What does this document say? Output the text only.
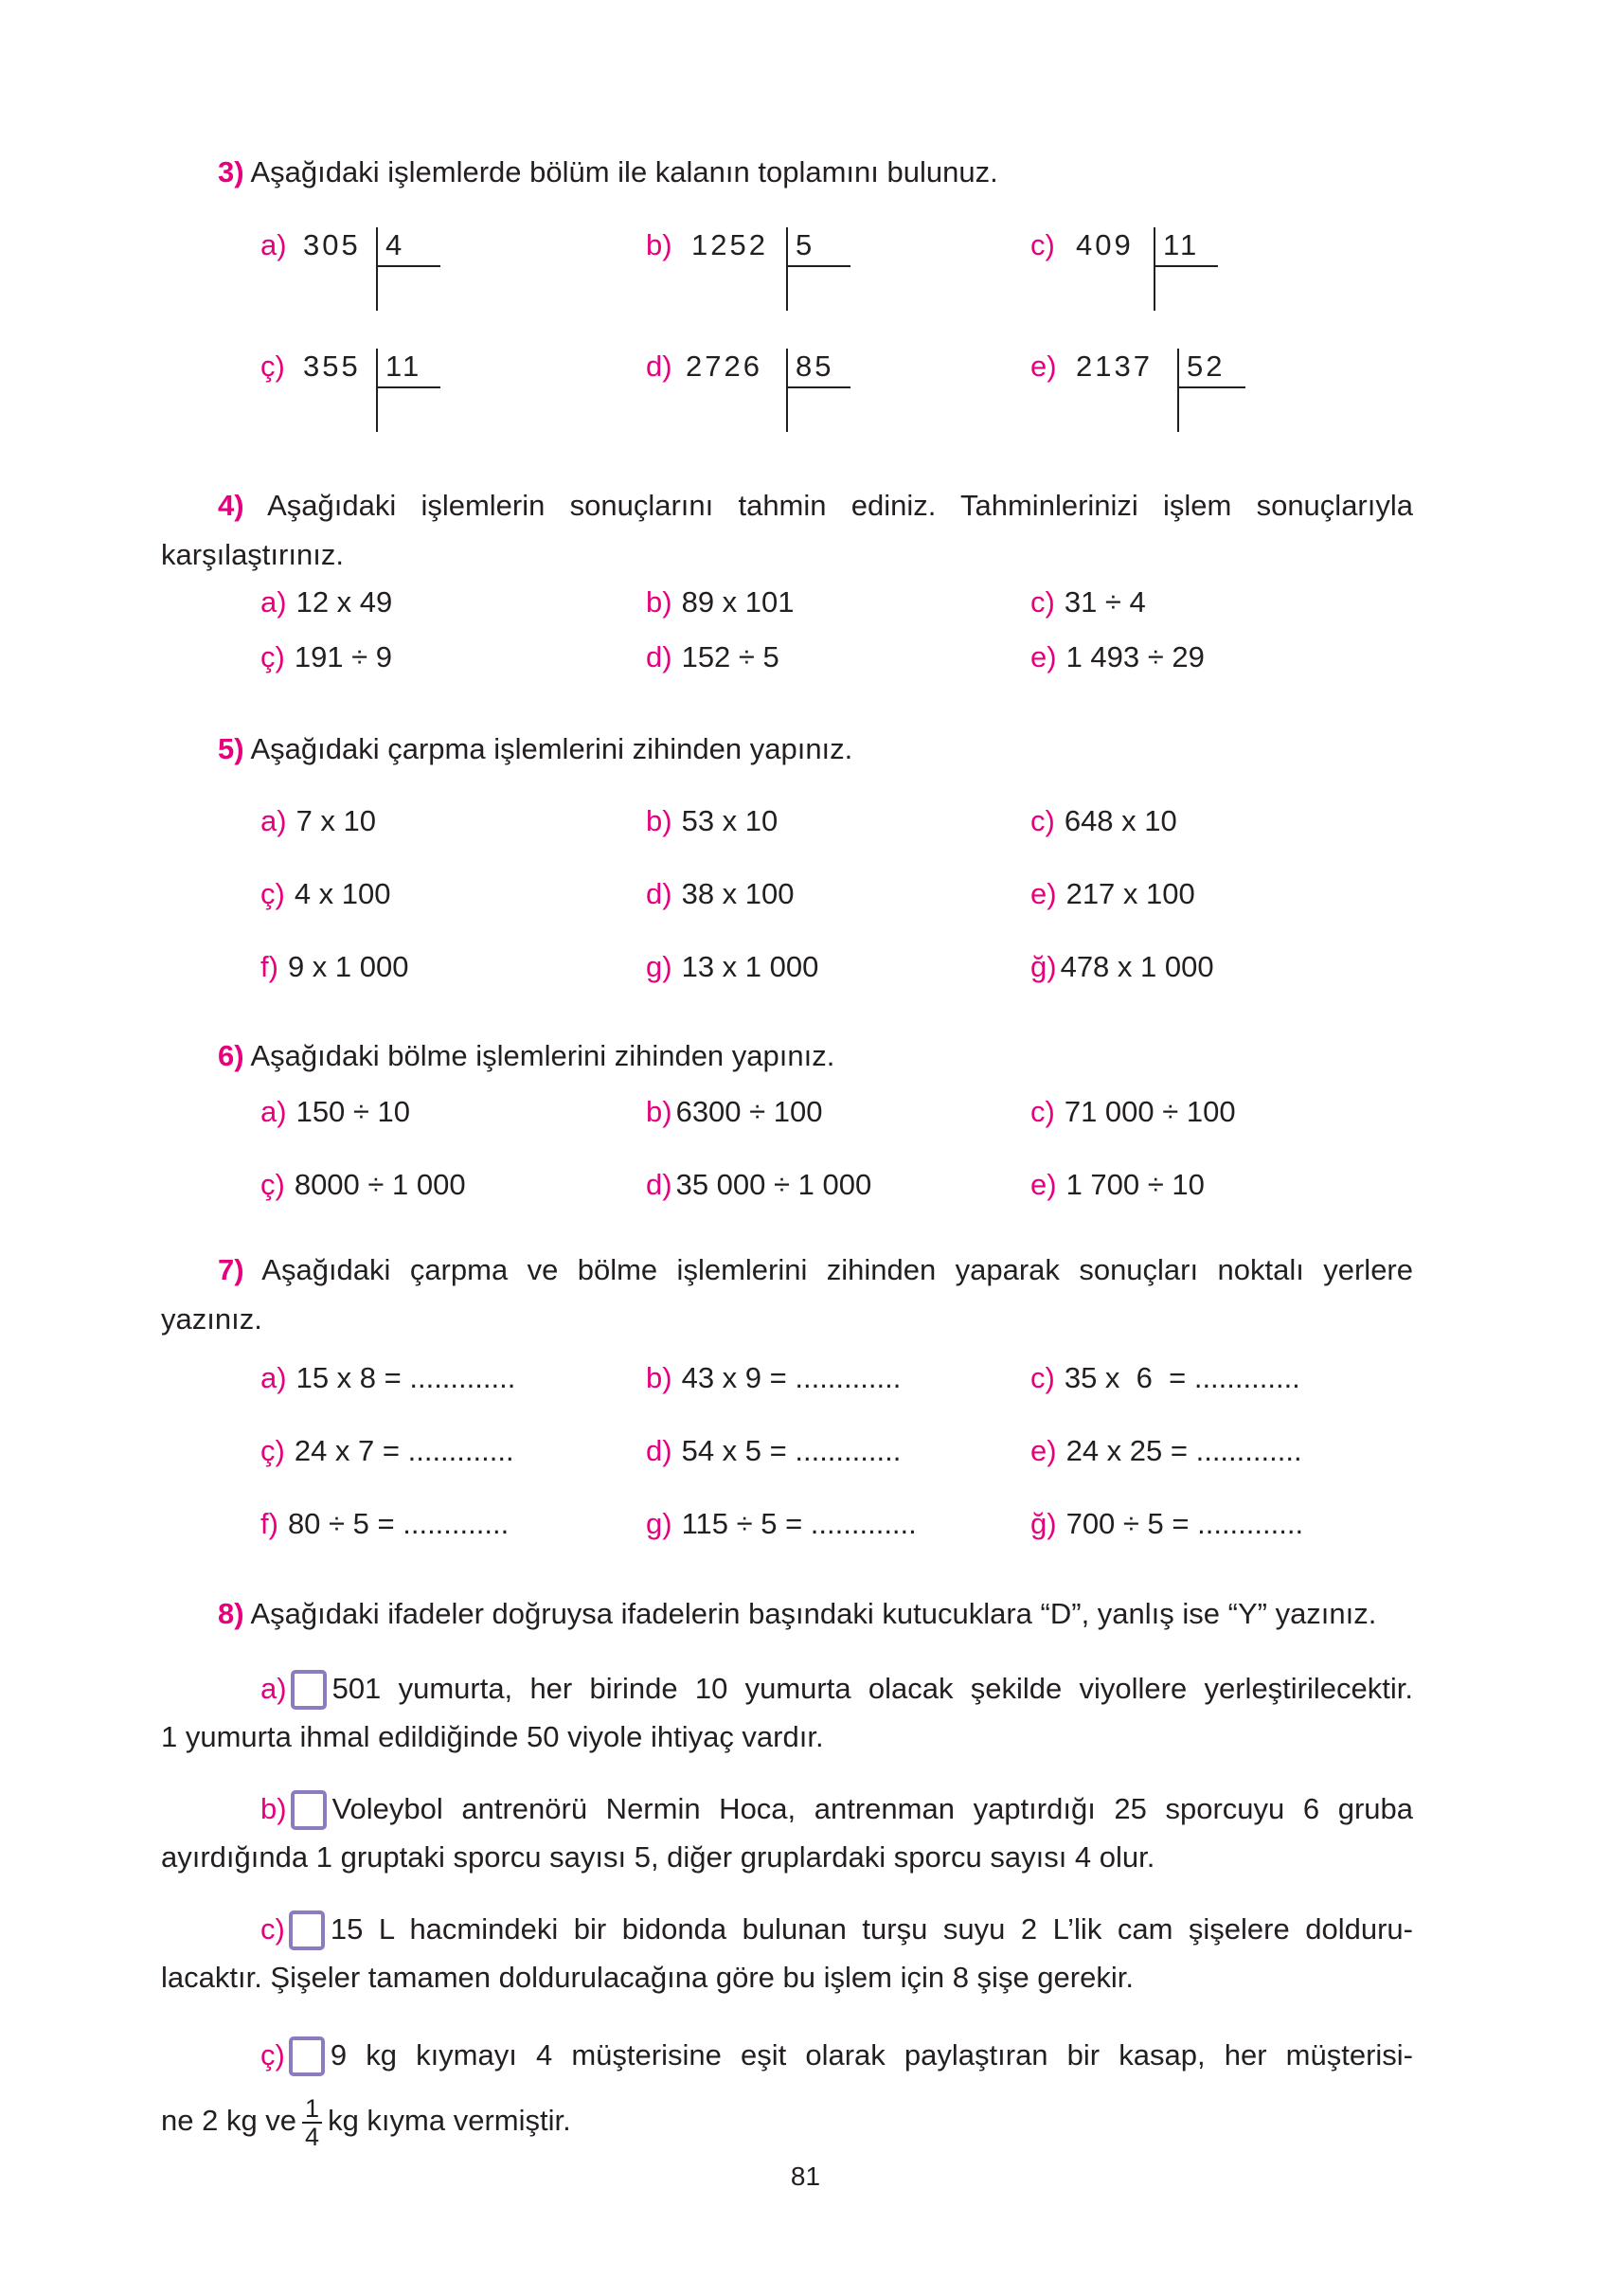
3) Aşağıdaki işlemlerde bölüm ile kalanın toplamını bulunuz.
a) 305 4	b) 1252 5	c) 409 11
ç) 355 11	d) 2726 85	e) 2137 52
4) Aşağıdaki işlemlerin sonuçlarını tahmin ediniz. Tahminlerinizi işlem sonuçlarıyla
karşılaştırınız.
a) 12 x 49	b) 89 x 101	c) 31 ÷ 4
ç) 191 ÷ 9	d) 152 ÷ 5	e) 1 493 ÷ 29
5) Aşağıdaki çarpma işlemlerini zihinden yapınız.
a) 7 x 10	b) 53 x 10	c) 648 x 10
ç) 4 x 100	d) 38 x 100	e) 217 x 100
f) 9 x 1 000	g) 13 x 1 000	ğ) 478 x 1 000
6) Aşağıdaki bölme işlemlerini zihinden yapınız.
a) 150 ÷ 10	b) 6300 ÷ 100	c) 71 000 ÷ 100
ç) 8000 ÷ 1 000	d) 35 000 ÷ 1 000	e) 1 700 ÷ 10
7) Aşağıdaki çarpma ve bölme işlemlerini zihinden yaparak sonuçları noktalı yerlere
yazınız.
a) 15 x 8 = .............	b) 43 x 9 = .............	c) 35 x  6  = .............
ç) 24 x 7 = .............	d) 54 x 5 = .............	e) 24 x 25 = .............
f) 80 ÷ 5 = .............	g) 115 ÷ 5 = .............	ğ) 700 ÷ 5 = .............
8) Aşağıdaki ifadeler doğruysa ifadelerin başındaki kutucuklara “D”, yanlış ise “Y” yazınız.
a) 501 yumurta, her birinde 10 yumurta olacak şekilde viyollere yerleştirilecektir.
1 yumurta ihmal edildiğinde 50 viyole ihtiyaç vardır.
b) Voleybol antrenörü Nermin Hoca, antrenman yaptırdığı 25 sporcuyu 6 gruba
ayırdığında 1 gruptaki sporcu sayısı 5, diğer gruplardaki sporcu sayısı 4 olur.
c) 15 L hacmindeki bir bidonda bulunan turşu suyu 2 L’lik cam şişelere dolduru-
lacaktır. Şişeler tamamen doldurulacağına göre bu işlem için 8 şişe gerekir.
ç) 9 kg kıymayı 4 müşterisine eşit olarak paylaştıran bir kasap, her müşterisi-
ne 2 kg ve $\frac{1}{4}$ kg kıyma vermiştir.
81
